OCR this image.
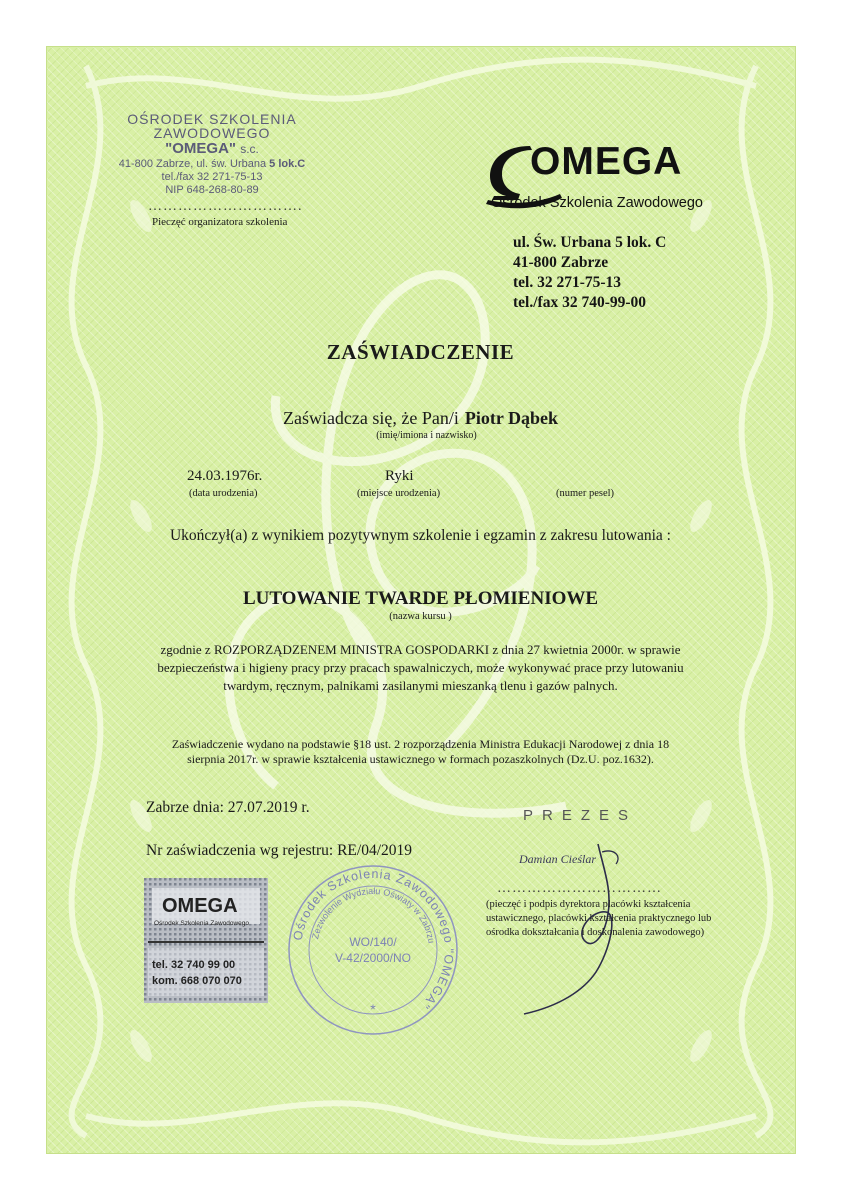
OŚRODEK SZKOLENIA
ZAWODOWEGO
"OMEGA" s.c.
41-800 Zabrze, ul. św. Urbana 5 lok.C
tel./fax 32 271-75-13
NIP 648-268-80-89
………………………….
Pieczęć organizatora szkolenia
OMEGA
Ośrodek Szkolenia Zawodowego
ul. Św. Urbana 5 lok. C
41-800 Zabrze
tel. 32 271-75-13
tel./fax 32 740-99-00
ZAŚWIADCZENIE
Zaświadcza się, że Pan/i Piotr Dąbek
(imię/imiona i nazwisko)
24.03.1976r.	Ryki
(data urodzenia)	(miejsce urodzenia)	(numer pesel)
Ukończył(a) z wynikiem pozytywnym szkolenie i egzamin z zakresu lutowania :
LUTOWANIE TWARDE PŁOMIENIOWE
(nazwa kursu )
zgodnie z ROZPORZĄDZENEM MINISTRA GOSPODARKI z dnia 27 kwietnia 2000r. w sprawie bezpieczeństwa i higieny pracy przy pracach spawalniczych, może wykonywać prace przy lutowaniu twardym, ręcznym, palnikami zasilanymi mieszanką tlenu i gazów palnych.
Zaświadczenie wydano na podstawie §18 ust. 2 rozporządzenia Ministra Edukacji Narodowej z dnia 18 sierpnia 2017r. w sprawie kształcenia ustawicznego w formach pozaszkolnych (Dz.U. poz.1632).
Zabrze dnia: 27.07.2019 r.
Nr zaświadczenia wg rejestru: RE/04/2019
OMEGA
Ośrodek Szkolenia Zawodowego
tel. 32 740 99 00
kom. 668 070 070
Ośrodek Szkolenia Zawodowego "OMEGA"
Zezwolenie Wydziału Oświaty w Zabrzu
WO/140/
V-42/2000/NO
*
PREZES
Damian Cieślar
……………………………
(pieczęć i podpis dyrektora placówki kształcenia ustawicznego, placówki kształcenia praktycznego lub ośrodka dokształcania i doskonalenia zawodowego)
